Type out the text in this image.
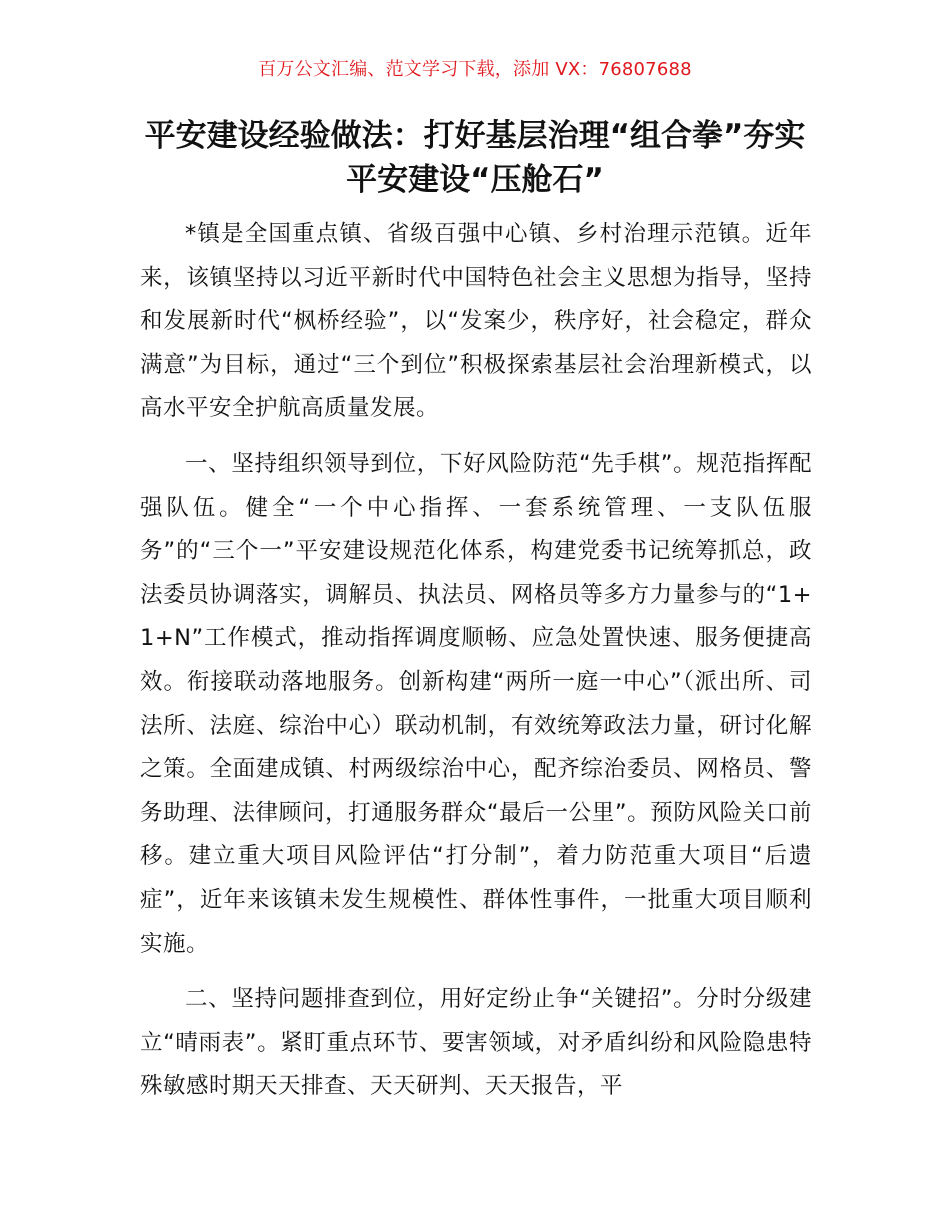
百万公文汇编、范文学习下载，添加 VX：76807688
平安建设经验做法：打好基层治理“组合拳”夯实平安建设“压舱石”

*镇是全国重点镇、省级百强中心镇、乡村治理示范镇。近年来，该镇坚持以习近平新时代中国特色社会主义思想为指导，坚持和发展新时代“枫桥经验”，以“发案少，秩序好，社会稳定，群众满意”为目标，通过“三个到位”积极探索基层社会治理新模式，以高水平安全护航高质量发展。

一、坚持组织领导到位，下好风险防范“先手棋”。规范指挥配强队伍。健全“一个中心指挥、一套系统管理、一支队伍服务”的“三个一”平安建设规范化体系，构建党委书记统筹抓总，政法委员协调落实，调解员、执法员、网格员等多方力量参与的“1+1+N”工作模式，推动指挥调度顺畅、应急处置快速、服务便捷高效。衔接联动落地服务。创新构建“两所一庭一中心”（派出所、司法所、法庭、综治中心）联动机制，有效统筹政法力量，研讨化解之策。全面建成镇、村两级综治中心，配齐综治委员、网格员、警务助理、法律顾问，打通服务群众“最后一公里”。预防风险关口前移。建立重大项目风险评估“打分制”，着力防范重大项目“后遗症”，近年来该镇未发生规模性、群体性事件，一批重大项目顺利实施。

二、坚持问题排查到位，用好定纷止争“关键招”。分时分级建立“晴雨表”。紧盯重点环节、要害领域，对矛盾纠纷和风险隐患特殊敏感时期天天排查、天天研判、天天报告，平
